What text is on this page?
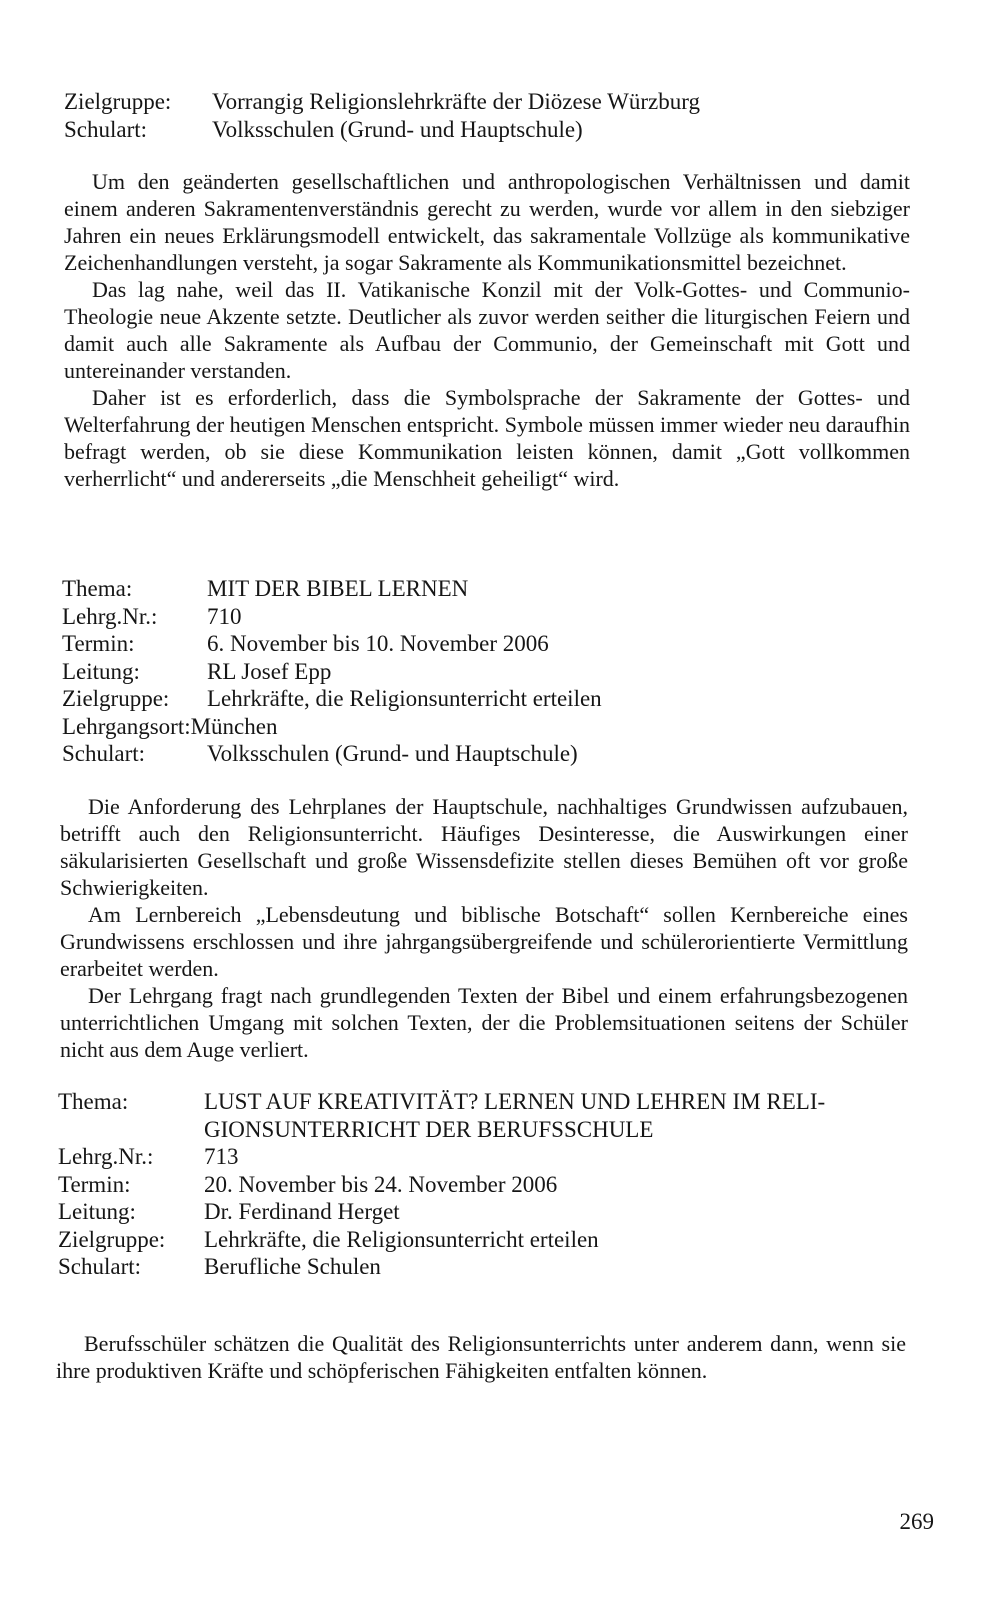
Zielgruppe:	Vorrangig Religionslehrkräfte der Diözese Würzburg
Schulart:	Volksschulen (Grund- und Hauptschule)

Um den geänderten gesellschaftlichen und anthropologischen Verhältnissen und damit einem anderen Sakramentenverständnis gerecht zu werden, wurde vor allem in den siebziger Jahren ein neues Erklärungsmodell entwickelt, das sakramentale Vollzüge als kommunikative Zeichenhandlungen versteht, ja sogar Sakramente als Kommunikationsmittel bezeichnet.

Das lag nahe, weil das II. Vatikanische Konzil mit der Volk-Gottes- und Communio-Theologie neue Akzente setzte. Deutlicher als zuvor werden seither die liturgischen Feiern und damit auch alle Sakramente als Aufbau der Communio, der Gemeinschaft mit Gott und untereinander verstanden.

Daher ist es erforderlich, dass die Symbolsprache der Sakramente der Gottes- und Welterfahrung der heutigen Menschen entspricht. Symbole müssen immer wieder neu daraufhin befragt werden, ob sie diese Kommunikation leisten können, damit „Gott vollkommen verherrlicht“ und andererseits „die Menschheit geheiligt“ wird.

Thema:	MIT DER BIBEL LERNEN
Lehrg.Nr.:	710
Termin:	6. November bis 10. November 2006
Leitung:	RL Josef Epp
Zielgruppe:	Lehrkräfte, die Religionsunterricht erteilen
Lehrgangsort: München
Schulart:	Volksschulen (Grund- und Hauptschule)

Die Anforderung des Lehrplanes der Hauptschule, nachhaltiges Grundwissen aufzubauen, betrifft auch den Religionsunterricht. Häufiges Desinteresse, die Auswirkungen einer säkularisierten Gesellschaft und große Wissensdefizite stellen dieses Bemühen oft vor große Schwierigkeiten.

Am Lernbereich „Lebensdeutung und biblische Botschaft“ sollen Kernbereiche eines Grundwissens erschlossen und ihre jahrgangsübergreifende und schülerorientierte Vermittlung erarbeitet werden.

Der Lehrgang fragt nach grundlegenden Texten der Bibel und einem erfahrungsbezogenen unterrichtlichen Umgang mit solchen Texten, der die Problemsituationen seitens der Schüler nicht aus dem Auge verliert.

Thema:	LUST AUF KREATIVITÄT? LERNEN UND LEHREN IM RELIGIONSUNTERRICHT DER BERUFSSCHULE
Lehrg.Nr.:	713
Termin:	20. November bis 24. November 2006
Leitung:	Dr. Ferdinand Herget
Zielgruppe:	Lehrkräfte, die Religionsunterricht erteilen
Schulart:	Berufliche Schulen

Berufsschüler schätzen die Qualität des Religionsunterrichts unter anderem dann, wenn sie ihre produktiven Kräfte und schöpferischen Fähigkeiten entfalten können.

269
